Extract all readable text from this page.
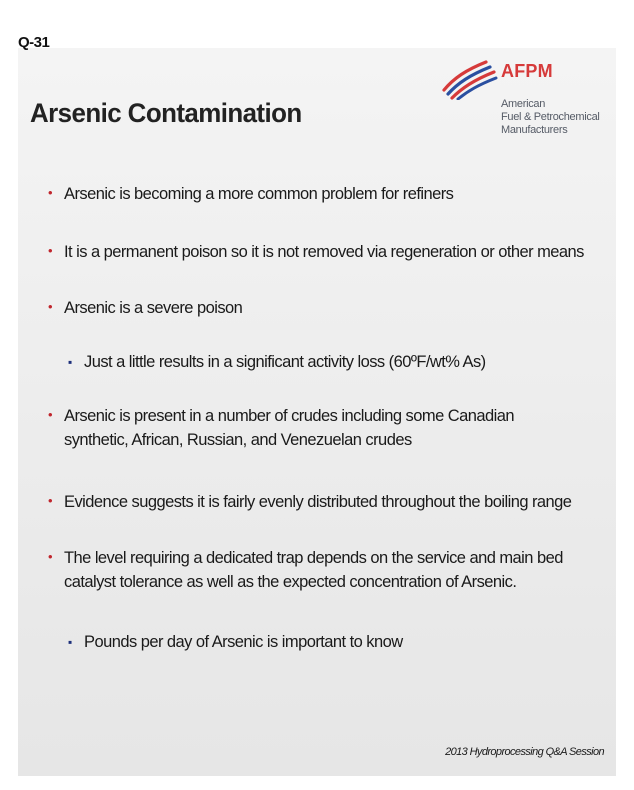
Q-31
Arsenic Contamination
AFPM
American
Fuel & Petrochemical
Manufacturers
• Arsenic is becoming a more common problem for refiners
• It is a permanent poison so it is not removed via regeneration or other means
• Arsenic is a severe poison
▪ Just a little results in a significant activity loss (60ºF/wt% As)
• Arsenic is present in a number of crudes including some Canadian synthetic, African, Russian, and Venezuelan crudes
• Evidence suggests it is fairly evenly distributed throughout the boiling range
• The level requiring a dedicated trap depends on the service and main bed catalyst tolerance as well as the expected concentration of Arsenic.
▪ Pounds per day of Arsenic is important to know
2013 Hydroprocessing Q&A Session
